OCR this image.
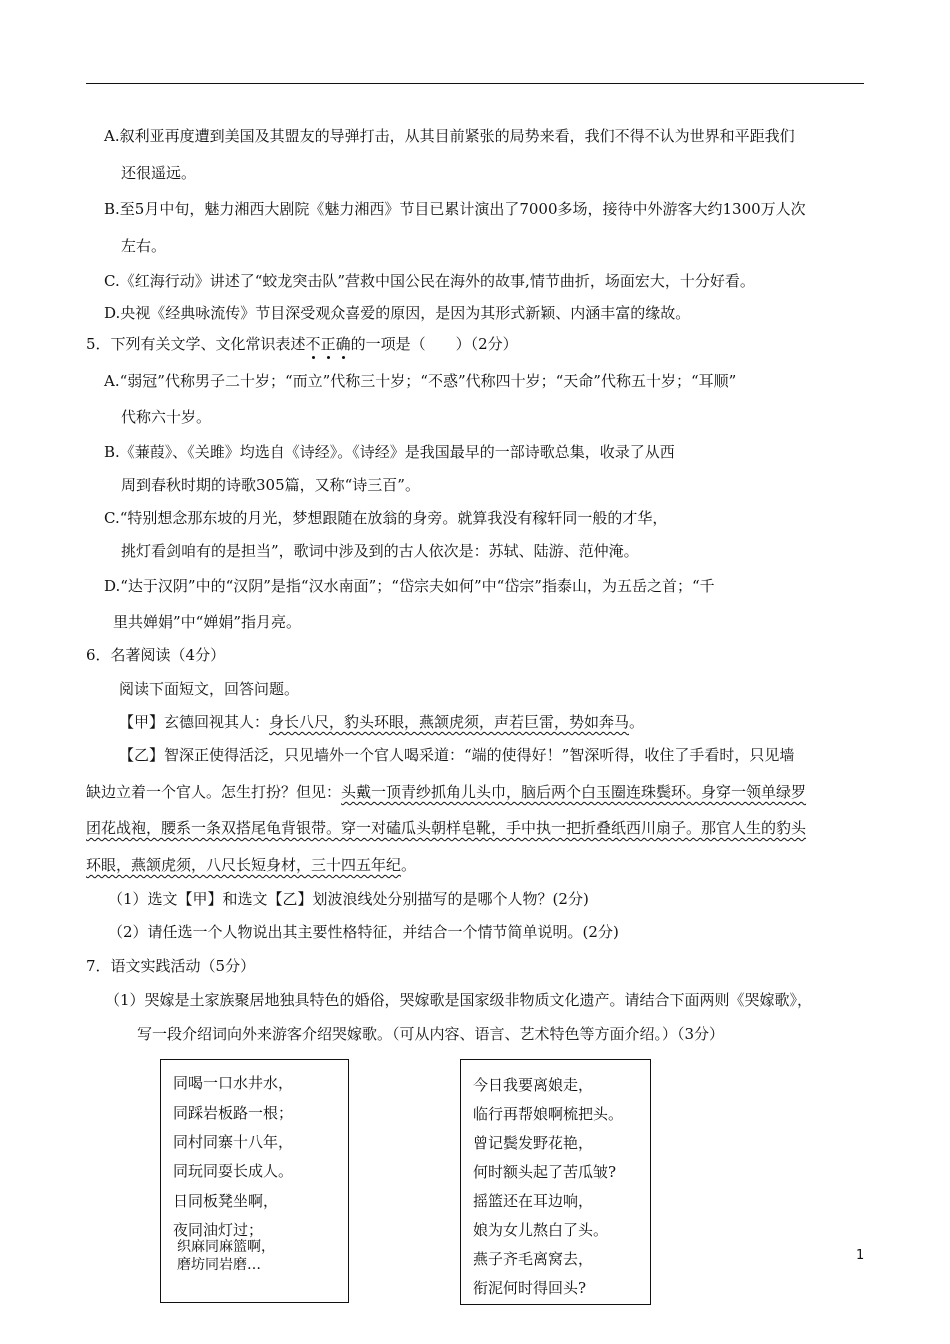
A.叙利亚再度遭到美国及其盟友的导弹打击，从其目前紧张的局势来看，我们不得不认为世界和平距我们
还很遥远。
B.至5月中旬，魅力湘西大剧院《魅力湘西》节目已累计演出了7000多场，接待中外游客大约1300万人次
左右。
C.《红海行动》讲述了“蛟龙突击队”营救中国公民在海外的故事,情节曲折，场面宏大，十分好看。
D.央视《经典咏流传》节目深受观众喜爱的原因，是因为其形式新颖、内涵丰富的缘故。
5．下列有关文学、文化常识表述不正确的一项是（　　）（2分）
A.“弱冠”代称男子二十岁；“而立”代称三十岁；“不惑”代称四十岁；“天命”代称五十岁；“耳顺”
代称六十岁。
B.《蒹葭》、《关雎》均选自《诗经》。《诗经》是我国最早的一部诗歌总集，收录了从西
周到春秋时期的诗歌305篇，又称“诗三百”。
C.“特别想念那东坡的月光，梦想跟随在放翁的身旁。就算我没有稼轩同一般的才华，
挑灯看剑咱有的是担当”，歌词中涉及到的古人依次是：苏轼、陆游、范仲淹。
D.“达于汉阴”中的“汉阴”是指“汉水南面”；“岱宗夫如何”中“岱宗”指泰山，为五岳之首；“千
里共婵娟”中“婵娟”指月亮。
6．名著阅读（4分）
阅读下面短文，回答问题。
【甲】玄德回视其人：身长八尺，豹头环眼，燕颔虎须，声若巨雷，势如奔马。
【乙】智深正使得活泛，只见墙外一个官人喝采道：“端的使得好！”智深听得，收住了手看时，只见墙
缺边立着一个官人。怎生打扮？但见：头戴一顶青纱抓角儿头巾，脑后两个白玉圈连珠鬓环。身穿一领单绿罗
团花战袍，腰系一条双搭尾龟背银带。穿一对磕瓜头朝样皂靴，手中执一把折叠纸西川扇子。那官人生的豹头
环眼，燕颔虎须，八尺长短身材，三十四五年纪。
（1）选文【甲】和选文【乙】划波浪线处分别描写的是哪个人物？(2分)
（2）请任选一个人物说出其主要性格特征，并结合一个情节简单说明。(2分)
7．语文实践活动（5分）
（1）哭嫁是土家族聚居地独具特色的婚俗，哭嫁歌是国家级非物质文化遗产。请结合下面两则《哭嫁歌》，
写一段介绍词向外来游客介绍哭嫁歌。（可从内容、语言、艺术特色等方面介绍。）（3分）
同喝一口水井水，
同踩岩板路一根；
同村同寨十八年，
同玩同耍长成人。
日同板凳坐啊，
夜同油灯过；
织麻同麻篮啊，
磨坊同岩磨…
今日我要离娘走，
临行再帮娘啊梳把头。
曾记鬓发野花艳，
何时额头起了苦瓜皱?
摇篮还在耳边响，
娘为女儿熬白了头。
燕子齐毛离窝去，
衔泥何时得回头?
1
